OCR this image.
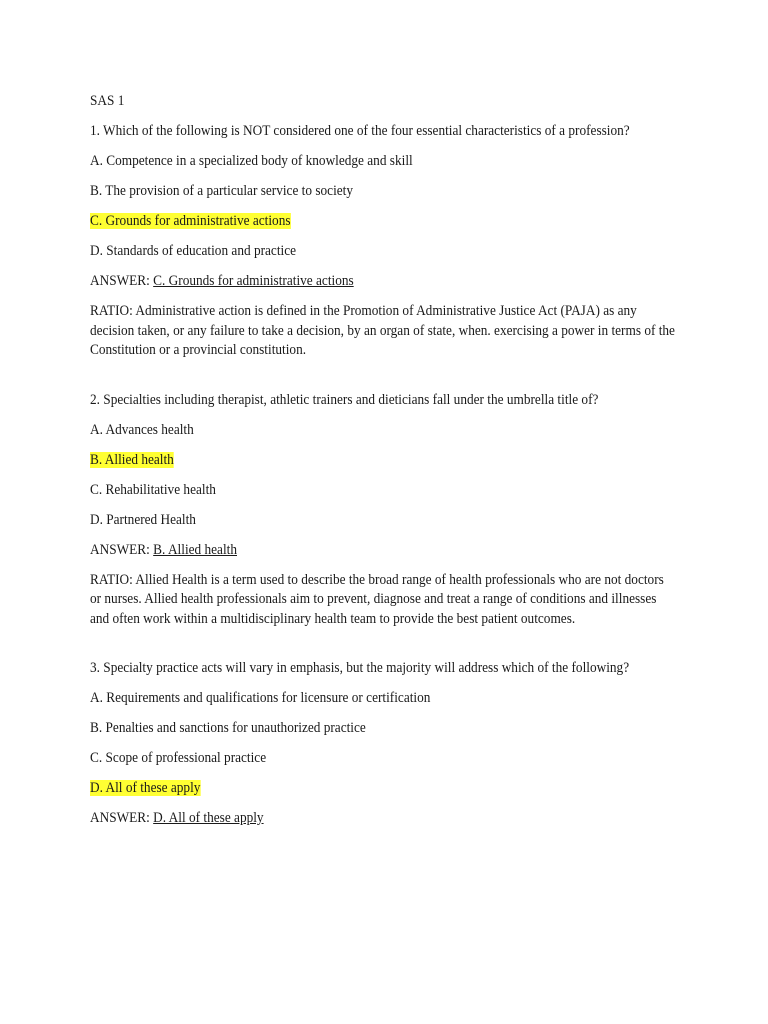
SAS 1

1. Which of the following is NOT considered one of the four essential characteristics of a profession?

A. Competence in a specialized body of knowledge and skill

B. The provision of a particular service to society

C. Grounds for administrative actions

D. Standards of education and practice

ANSWER: C. Grounds for administrative actions

RATIO: Administrative action is defined in the Promotion of Administrative Justice Act (PAJA) as any decision taken, or any failure to take a decision, by an organ of state, when. exercising a power in terms of the Constitution or a provincial constitution.

2. Specialties including therapist, athletic trainers and dieticians fall under the umbrella title of?

A. Advances health

B. Allied health

C. Rehabilitative health

D. Partnered Health

ANSWER: B. Allied health

RATIO: Allied Health is a term used to describe the broad range of health professionals who are not doctors or nurses. Allied health professionals aim to prevent, diagnose and treat a range of conditions and illnesses and often work within a multidisciplinary health team to provide the best patient outcomes.

3. Specialty practice acts will vary in emphasis, but the majority will address which of the following?

A. Requirements and qualifications for licensure or certification

B. Penalties and sanctions for unauthorized practice

C. Scope of professional practice

D. All of these apply

ANSWER: D. All of these apply
